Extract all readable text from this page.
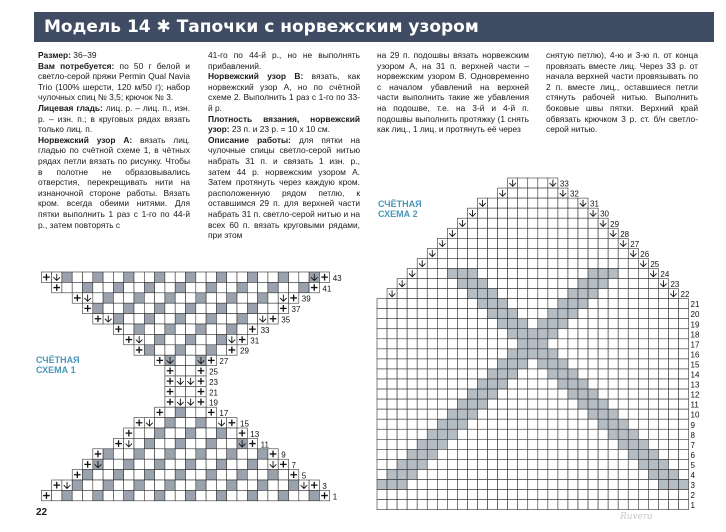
Модель 14 ✱ Тапочки с норвежским узором

Размер: 36–39

Вам потребуется: по 50 г белой и светло-серой пряжи Permin Qual Navia Trio (100% шерсти, 120 м/50 г); набор чулочных спиц № 3,5; крючок № 3.

Лицевая гладь: лиц. р. – лиц. п., изн. р. – изн. п.; в круговых рядах вязать только лиц. п.

Норвежский узор А: вязать лиц. гладью по счётной схеме 1, в чётных рядах петли вязать по рисунку. Чтобы в полотне не образовывались отверстия, перекрещивать нити на изнаночной стороне работы. Вязать кром. всегда обеими нитями. Для пятки выполнить 1 раз с 1-го по 44-й р., затем повторять с

41-го по 44-й р., но не выполнять прибавлений.

Норвежский узор В: вязать, как норвежский узор А, но по счётной схеме 2. Выполнить 1 раз с 1-го по 33-й р.

Плотность вязания, норвежский узор: 23 п. и 23 р. = 10 х 10 см.

Описание работы: для пятки на чулочные спицы светло-серой нитью набрать 31 п. и связать 1 изн. р., затем 44 р. норвежским узором А. Затем протянуть через каждую кром. расположенную рядом петлю, к оставшимся 29 п. для верхней части набрать 31 п. светло-серой нитью и на всех 60 п. вязать круговыми рядами, при этом

на 29 п. подошвы вязать норвежским узором А, на 31 п. верхней части – норвежским узором В. Одновременно с началом убавлений на верхней части выполнить такие же убавления на подошве, т.е. на 3-й и 4-й п. подошвы выполнить протяжку (1 снять как лиц., 1 лиц. и протянуть её через

снятую петлю), 4-ю и 3-ю п. от конца провязать вместе лиц. Через 33 р. от начала верхней части провязывать по 2 п. вместе лиц., оставшиеся петли стянуть рабочей нитью. Выполнить боковые швы пятки. Верхний край обвязать крючком 3 р. ст. б/н светло-серой нитью.

1
3
5
7
9
11
13
15
17
19
21
23
25
27
29
31
33
35
37
39
41
43
1
2
3
4
5
6
7
8
9
10
11
12
13
14
15
16
17
18
19
20
21
22
23
24
25
26
27
28
29
30
31
32
33
СЧЁТНАЯ
СХЕМА 1
СЧЁТНАЯ
СХЕМА 2
22	Ruvera
